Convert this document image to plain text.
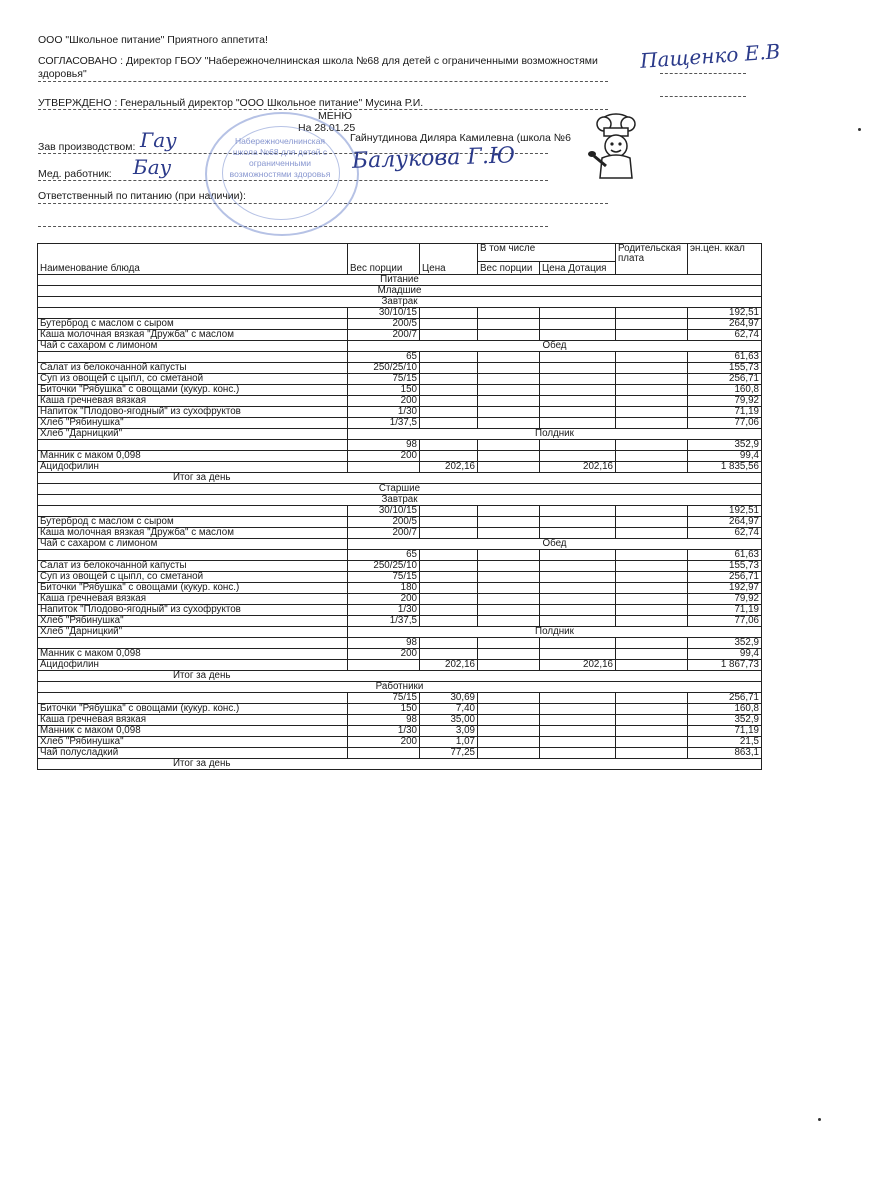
ООО "Школьное питание" Приятного аппетита!
СОГЛАСОВАНО : Директор ГБОУ "Набережночелнинская школа №68 для детей с ограниченными возможностями
здоровья"
УТВЕРЖДЕНО : Генеральный директор "ООО Школьное питание" Мусина Р.И.
МЕНЮ
На 28.01.25
Зав производством:
Гайнутдинова Диляра Камилевна (школа №6
Мед. работник:
Ответственный по питанию (при наличии):
Набережночелнинская школа №68 для детей с ограниченными возможностями здоровья
Пащенко Е.В
Гау
Бау	Балукова Г.Ю
Наименование блюда	Вес порции	Цена	В том числе		Родительская плата	эн.цен. ккал
			Вес порции	Цена Дотация		
Питание						
Младшие						
Завтрак						
	30/10/15					192,51
Бутерброд с маслом с сыром	200/5					264,97
Каша молочная вязкая "Дружба" с маслом	200/7					62,74
Чай с сахаром с лимоном	Обед					
	65					61,63
Салат из белокочанной капусты	250/25/10					155,73
Суп из овощей с цыпл, со сметаной	75/15					256,71
Биточки "Рябушка" с овощами (кукур. конс.)	150					160,8
Каша гречневая вязкая	200					79,92
Напиток "Плодово-ягодный" из сухофруктов	1/30					71,19
Хлеб "Рябинушка"	1/37,5					77,06
Хлеб "Дарницкий"	Полдник					
	98					352,9
Манник с маком 0,098	200					99,4
Ацидофилин		202,16		202,16		1 835,56
Итог за день						
Старшие						
Завтрак						
	30/10/15					192,51
Бутерброд с маслом с сыром	200/5					264,97
Каша молочная вязкая "Дружба" с маслом	200/7					62,74
Чай с сахаром с лимоном	Обед					
	65					61,63
Салат из белокочанной капусты	250/25/10					155,73
Суп из овощей с цыпл, со сметаной	75/15					256,71
Биточки "Рябушка" с овощами (кукур. конс.)	180					192,97
Каша гречневая вязкая	200					79,92
Напиток "Плодово-ягодный" из сухофруктов	1/30					71,19
Хлеб "Рябинушка"	1/37,5					77,06
Хлеб "Дарницкий"	Полдник					
	98					352,9
Манник с маком 0,098	200					99,4
Ацидофилин		202,16		202,16		1 867,73
Итог за день						
Работники						
	75/15	30,69				256,71
Биточки "Рябушка" с овощами (кукур. конс.)	150	7,40				160,8
Каша гречневая вязкая	98	35,00				352,9
Манник с маком 0,098	1/30	3,09				71,19
Хлеб "Рябинушка"	200	1,07				21,5
Чай полусладкий		77,25				863,1
Итог за день						
